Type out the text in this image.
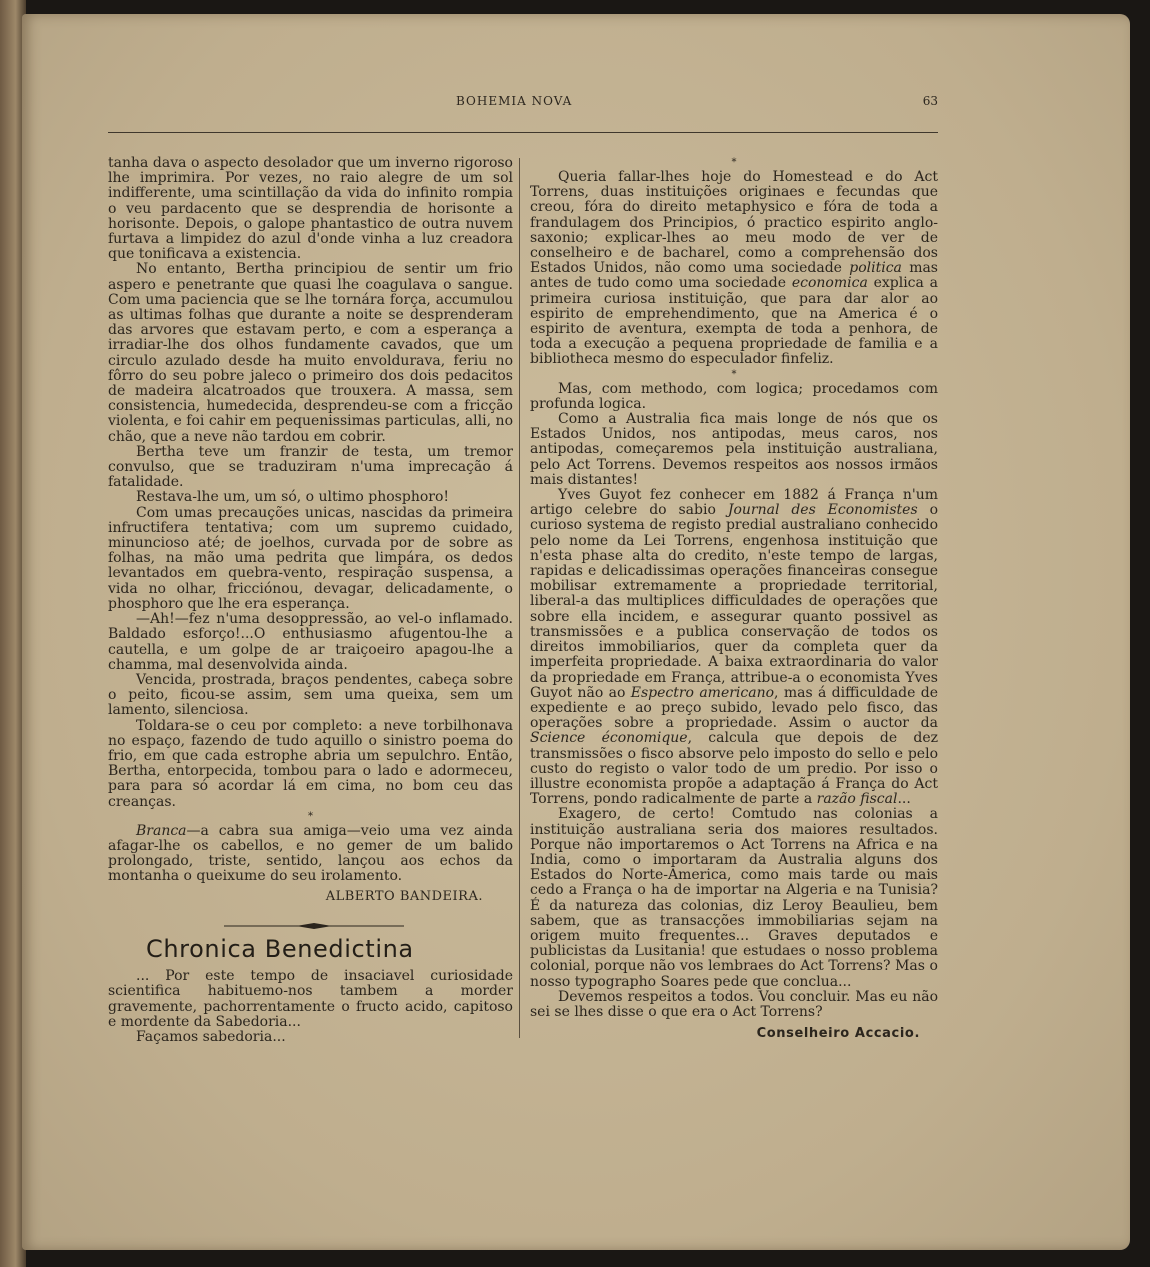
BOHEMIA NOVA	63

tanha dava o aspecto desolador que um inverno rigoroso lhe imprimira. Por vezes, no raio alegre de um sol indifferente, uma scintillação da vida do infinito rompia o veu pardacento que se desprendia de horisonte a horisonte. Depois, o galope phantastico de outra nuvem furtava a limpidez do azul d'onde vinha a luz creadora que tonificava a existencia.

No entanto, Bertha principiou de sentir um frio aspero e penetrante que quasi lhe coagulava o sangue. Com uma paciencia que se lhe tornára força, accumulou as ultimas folhas que durante a noite se desprenderam das arvores que estavam perto, e com a esperança a irradiar-lhe dos olhos fundamente cavados, que um circulo azulado desde ha muito envoldurava, feriu no fôrro do seu pobre jaleco o primeiro dos dois pedacitos de madeira alcatroados que trouxera. A massa, sem consistencia, humedecida, desprendeu-se com a fricção violenta, e foi cahir em pequenissimas particulas, alli, no chão, que a neve não tardou em cobrir.

Bertha teve um franzir de testa, um tremor convulso, que se traduziram n'uma imprecação á fatalidade.

Restava-lhe um, um só, o ultimo phosphoro!

Com umas precauções unicas, nascidas da primeira infructifera tentativa; com um supremo cuidado, minuncioso até; de joelhos, curvada por de sobre as folhas, na mão uma pedrita que limpára, os dedos levantados em quebra-vento, respiração suspensa, a vida no olhar, fricciónou, devagar, delicadamente, o phosphoro que lhe era esperança.

—Ah!—fez n'uma desoppressão, ao vel-o inflamado. Baldado esforço!...O enthusiasmo afugentou-lhe a cautella, e um golpe de ar traiçoeiro apagou-lhe a chamma, mal desenvolvida ainda.

Vencida, prostrada, braços pendentes, cabeça sobre o peito, ficou-se assim, sem uma queixa, sem um lamento, silenciosa.

Toldara-se o ceu por completo: a neve torbilhonava no espaço, fazendo de tudo aquillo o sinistro poema do frio, em que cada estrophe abria um sepulchro. Então, Bertha, entorpecida, tombou para o lado e adormeceu, para para só acordar lá em cima, no bom ceu das creanças.

*

Branca—a cabra sua amiga—veio uma vez ainda afagar-lhe os cabellos, e no gemer de um balido prolongado, triste, sentido, lançou aos echos da montanha o queixume do seu irolamento.

ALBERTO BANDEIRA.

Chronica Benedictina

... Por este tempo de insaciavel curiosidade scientifica habituemo-nos tambem a morder gravemente, pachorrentamente o fructo acido, capitoso e mordente da Sabedoria...

Façamos sabedoria...

*

Queria fallar-lhes hoje do Homestead e do Act Torrens, duas instituições originaes e fecundas que creou, fóra do direito metaphysico e fóra de toda a frandulagem dos Principios, ó practico espirito anglo-saxonio; explicar-lhes ao meu modo de ver de conselheiro e de bacharel, como a comprehensão dos Estados Unidos, não como uma sociedade politica mas antes de tudo como uma sociedade economica explica a primeira curiosa instituição, que para dar alor ao espirito de emprehendimento, que na America é o espirito de aventura, exempta de toda a penhora, de toda a execução a pequena propriedade de familia e a bibliotheca mesmo do especulador finfeliz.

*

Mas, com methodo, com logica; procedamos com profunda logica.

Como a Australia fica mais longe de nós que os Estados Unidos, nos antipodas, meus caros, nos antipodas, começaremos pela instituição australiana, pelo Act Torrens. Devemos respeitos aos nossos irmãos mais distantes!

Yves Guyot fez conhecer em 1882 á França n'um artigo celebre do sabio Journal des Economistes o curioso systema de registo predial australiano conhecido pelo nome da Lei Torrens, engenhosa instituição que n'esta phase alta do credito, n'este tempo de largas, rapidas e delicadissimas operações financeiras consegue mobilisar extremamente a propriedade territorial, liberal-a das multiplices difficuldades de operações que sobre ella incidem, e assegurar quanto possivel as transmissões e a publica conservação de todos os direitos immobiliarios, quer da completa quer da imperfeita propriedade. A baixa extraordinaria do valor da propriedade em França, attribue-a o economista Yves Guyot não ao Espectro americano, mas á difficuldade de expediente e ao preço subido, levado pelo fisco, das operações sobre a propriedade. Assim o auctor da Science économique, calcula que depois de dez transmissões o fisco absorve pelo imposto do sello e pelo custo do registo o valor todo de um predio. Por isso o illustre economista propõe a adaptação á França do Act Torrens, pondo radicalmente de parte a razão fiscal...

Exagero, de certo! Comtudo nas colonias a instituição australiana seria dos maiores resultados. Porque não importaremos o Act Torrens na Africa e na India, como o importaram da Australia alguns dos Estados do Norte-America, como mais tarde ou mais cedo a França o ha de importar na Algeria e na Tunisia? É da natureza das colonias, diz Leroy Beaulieu, bem sabem, que as transacções immobiliarias sejam na origem muito frequentes... Graves deputados e publicistas da Lusitania! que estudaes o nosso problema colonial, porque não vos lembraes do Act Torrens? Mas o nosso typographo Soares pede que conclua...

Devemos respeitos a todos. Vou concluir. Mas eu não sei se lhes disse o que era o Act Torrens?

Conselheiro Accacio.
